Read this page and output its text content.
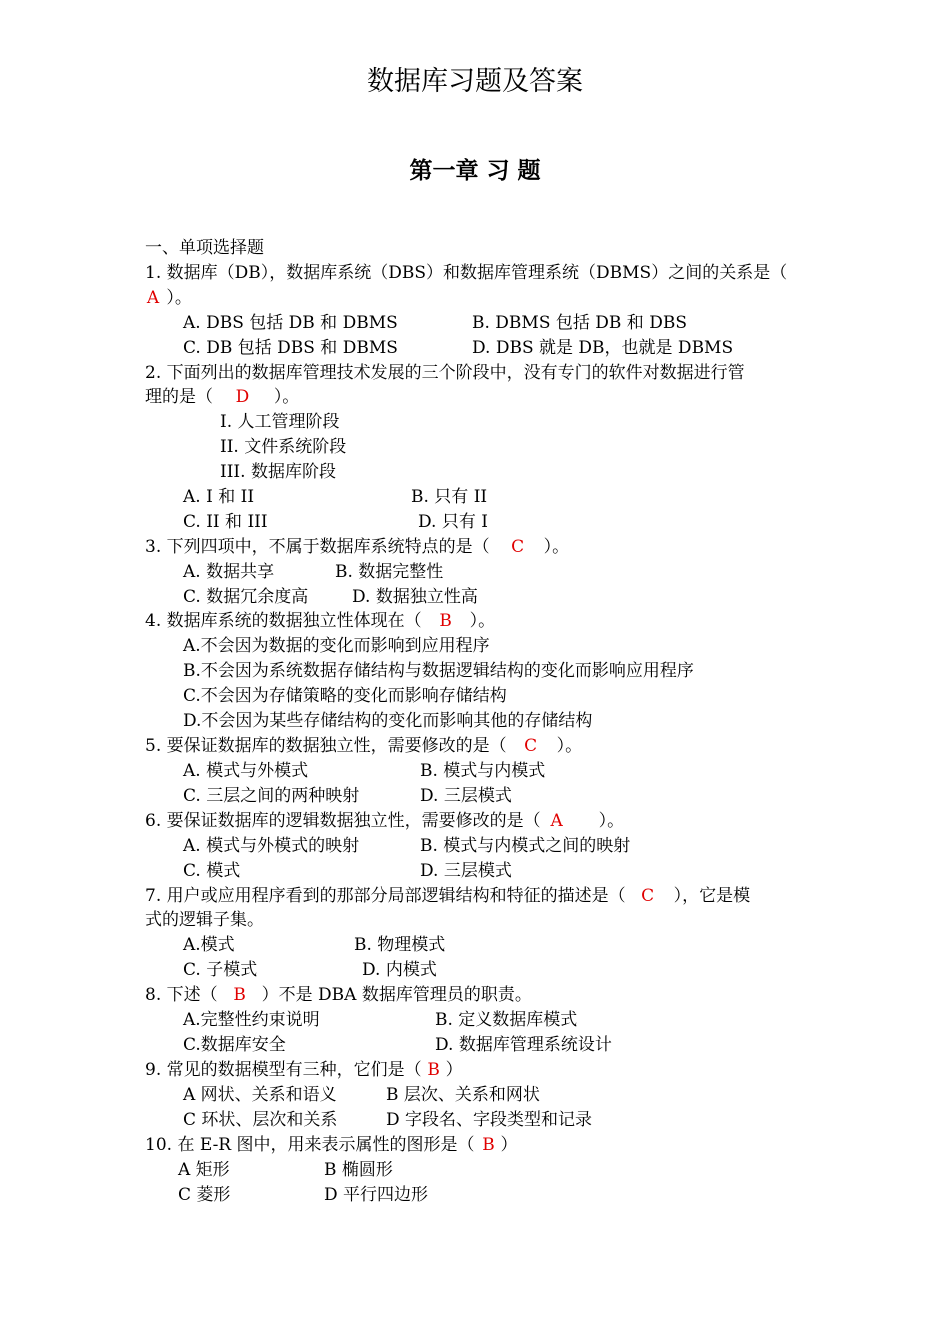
数据库习题及答案
第一章 习 题
一、单项选择题
1. 数据库（DB），数据库系统（DBS）和数据库管理系统（DBMS）之间的关系是（
A ）。
A. DBS 包括 DB 和 DBMS	B. DBMS 包括 DB 和 DBS
C. DB 包括 DBS 和 DBMS	D. DBS 就是 DB，也就是 DBMS
2. 下面列出的数据库管理技术发展的三个阶段中，没有专门的软件对数据进行管
理的是（ D ）。
I. 人工管理阶段
II. 文件系统阶段
III. 数据库阶段
A. I 和 II	B. 只有 II
C. II 和 III	D. 只有 I
3. 下列四项中，不属于数据库系统特点的是（ C ）。
A. 数据共享	B. 数据完整性
C. 数据冗余度高	D. 数据独立性高
4. 数据库系统的数据独立性体现在（ B ）。
A.不会因为数据的变化而影响到应用程序
B.不会因为系统数据存储结构与数据逻辑结构的变化而影响应用程序
C.不会因为存储策略的变化而影响存储结构
D.不会因为某些存储结构的变化而影响其他的存储结构
5. 要保证数据库的数据独立性，需要修改的是（ C ）。
A. 模式与外模式	B. 模式与内模式
C. 三层之间的两种映射	D. 三层模式
6. 要保证数据库的逻辑数据独立性，需要修改的是（ A ）。
A. 模式与外模式的映射	B. 模式与内模式之间的映射
C. 模式	D. 三层模式
7. 用户或应用程序看到的那部分局部逻辑结构和特征的描述是（ C ），它是模
式的逻辑子集。
A.模式	B. 物理模式
C. 子模式	D. 内模式
8. 下述（ B ）不是 DBA 数据库管理员的职责。
A.完整性约束说明	B. 定义数据库模式
C.数据库安全	D. 数据库管理系统设计
9. 常见的数据模型有三种，它们是（ B ）
A 网状、关系和语义	B 层次、关系和网状
C 环状、层次和关系	D 字段名、字段类型和记录
10. 在 E-R 图中，用来表示属性的图形是（ B ）
A 矩形	B 椭圆形
C 菱形	D 平行四边形
